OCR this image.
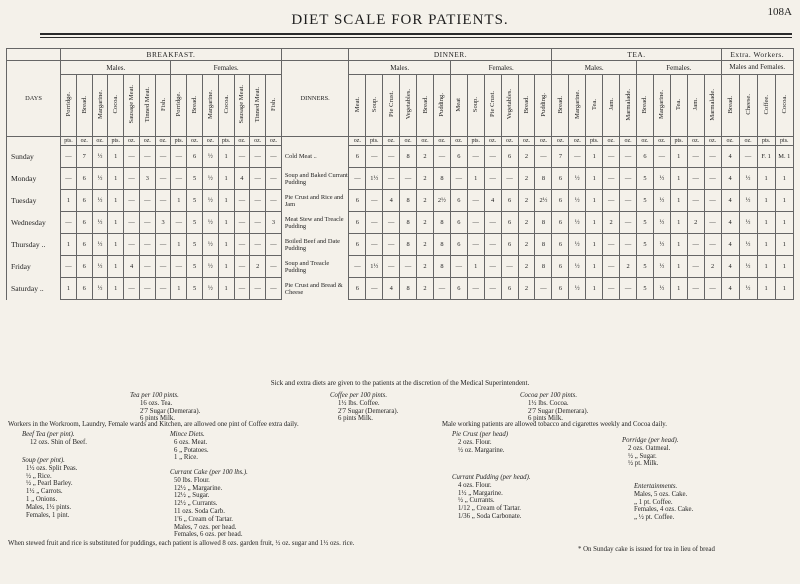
108A
DIET SCALE FOR PATIENTS.
	BREAKFAST.															DINNER.												TEA.										Extra. Workers.			
DAYS	Males.							Females.							DINNERS.	Males.						Females.						Males.					Females.					Males and Females.			
	Porridge.	Bread.	Margarine.	Cocoa.	Sausage Meat.	Tinned Meat.	Fish.	Porridge.	Bread.	Margarine.	Cocoa.	Sausage Meat.	Tinned Meat.	Fish.		Meat.	Soup.	Pie Crust.	Vegetables.	Bread.	Pudding.	Meat	Soup.	Pie Crust.	Vegetables.	Bread.	Pudding.	Bread.	Margarine.	Tea.	Jam.	Marmalade.	Bread.	Margarine.	Tea.	Jam.	Marmalade.	Bread.	Cheese.	Coffee.	Cocoa.
	pts.	oz.	oz.	pts.	oz.	oz.	oz.	pts.	oz.	oz.	pts.	oz.	oz.	oz.		oz.	pts.	oz.	oz.	oz.	oz.	oz.	pts.	oz.	oz.	oz.	oz.	oz.	oz.	pts.	oz.	oz.	oz.	oz.	pts.	oz.	oz.	oz.	oz.	pts.	pts.
Sunday	—	7	½	1	—	—	—	—	6	½	1	—	—	—	Cold Meat ..	6	—	—	8	2	—	6	—	—	6	2	—	7	—	1	—	—	6	—	1	—	—	4	—	F. 1	M. 1
Monday	—	6	½	1	—	3	—	—	5	½	1	4	—	—	Soup and Baked Currant Pudding	—	1½	—	—	2	8	—	1	—	—	2	8	6	½	1	—	—	5	½	1	—	—	4	½	1	1
Tuesday	1	6	½	1	—	—	—	1	5	½	1	—	—	—	Pie Crust and Rice and Jam	6	—	4	8	2	2½	6	—	4	6	2	2½	6	½	1	—	—	5	½	1	—	—	4	½	1	1
Wednesday	—	6	½	1	—	—	3	—	5	½	1	—	—	3	Meat Stew and Treacle Pudding	6	—	—	8	2	8	6	—	—	6	2	8	6	½	1	2	—	5	½	1	2	—	4	½	1	1
Thursday ..	1	6	½	1	—	—	—	1	5	½	1	—	—	—	Boiled Beef and Date Pudding	6	—	—	8	2	8	6	—	—	6	2	8	6	½	1	—	—	5	½	1	—	—	4	½	1	1
Friday	—	6	½	1	4	—	—	—	5	½	1	—	2	—	Soup and Treacle Pudding	—	1½	—	—	2	8	—	1	—	—	2	8	6	½	1	—	2	5	½	1	—	2	4	½	1	1
Saturday ..	1	6	½	1	—	—	—	1	5	½	1	—	—	—	Pie Crust and Bread & Cheese	6	—	4	8	2	—	6	—	—	6	2	—	6	½	1	—	—	5	½	1	—	—	4	½	1	1
Sick and extra diets are given to the patients at the discretion of the Medical Superintendent.
Tea per 100 pints.
16 ozs. Tea.
2'7 Sugar (Demerara).
6 pints Milk.
Coffee per 100 pints.
1½ lbs. Coffee.
2'7 Sugar (Demerara).
6 pints Milk.
Cocoa per 100 pints.
1½ lbs. Cocoa.
2'7 Sugar (Demerara).
6 pints Milk.
Workers in the Workroom, Laundry, Female wards and Kitchen, are allowed one pint of Coffee extra daily.	Male working patients are allowed tobacco and cigarettes weekly and Cocoa daily.
Beef Tea (per pint).
12 ozs. Shin of Beef.
Soup (per pint).
1½ ozs. Split Peas.
½ „ Rice.
½ „ Pearl Barley.
1½ „ Carrots.
1 „ Onions.
Males, 1½ pints.
Females, 1 pint.
Mince Diets.
6 ozs. Meat.
6 „ Potatoes.
1 „ Rice.
Currant Cake (per 100 lbs.).
50 lbs. Flour.
12½ „ Margarine.
12½ „ Sugar.
12½ „ Currants.
11 ozs. Soda Carb.
1'6 „ Cream of Tartar.
Males, 7 ozs. per head.
Females, 6 ozs. per head.
Pie Crust (per head)
2 ozs. Flour.
½ oz. Margarine.
Porridge (per head).
2 ozs. Oatmeal.
½ „ Sugar.
½ pt. Milk.
Currant Pudding (per head).
4 ozs. Flour.
1½ „ Margarine.
½ „ Currants.
1/12 „ Cream of Tartar.
1/36 „ Soda Carbonate.
Entertainments.
Males, 5 ozs. Cake.
„ 1 pt. Coffee.
Females, 4 ozs. Cake.
„ ½ pt. Coffee.
When stewed fruit and rice is substituted for puddings, each patient is allowed 8 ozs. garden fruit, ½ oz. sugar and 1½ ozs. rice.
* On Sunday cake is issued for tea in lieu of bread
